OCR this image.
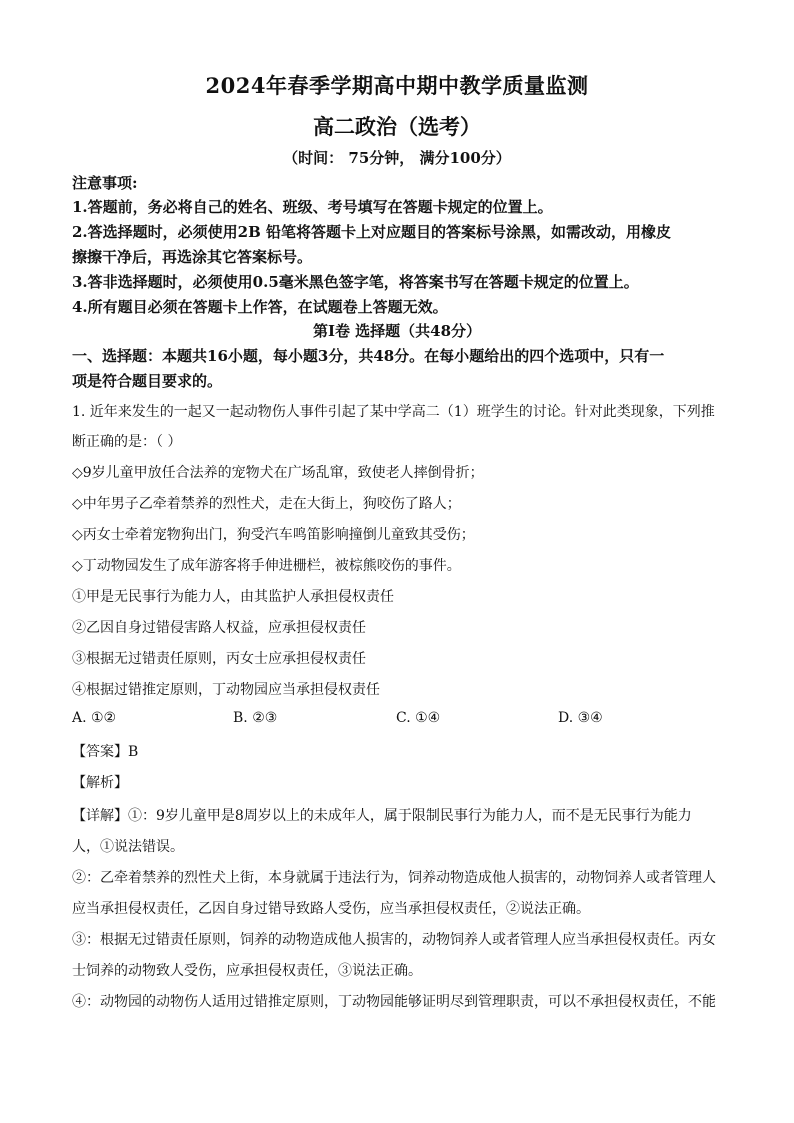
2024年春季学期高中期中教学质量监测
高二政治（选考）
（时间： 75分钟， 满分100分）
注意事项:
1.答题前，务必将自己的姓名、班级、考号填写在答题卡规定的位置上。
2.答选择题时，必须使用2B 铅笔将答题卡上对应题目的答案标号涂黑，如需改动，用橡皮
擦擦干净后，再选涂其它答案标号。
3.答非选择题时，必须使用0.5毫米黑色签字笔，将答案书写在答题卡规定的位置上。
4.所有题目必须在答题卡上作答，在试题卷上答题无效。
第Ⅰ卷 选择题（共48分）
一、选择题：本题共16小题，每小题3分，共48分。在每小题给出的四个选项中，只有一
项是符合题目要求的。
1. 近年来发生的一起又一起动物伤人事件引起了某中学高二（1）班学生的讨论。针对此类现象，下列推
断正确的是：（ ）
◇9岁儿童甲放任合法养的宠物犬在广场乱窜，致使老人摔倒骨折；
◇中年男子乙牵着禁养的烈性犬，走在大街上，狗咬伤了路人；
◇丙女士牵着宠物狗出门，狗受汽车鸣笛影响撞倒儿童致其受伤；
◇丁动物园发生了成年游客将手伸进栅栏，被棕熊咬伤的事件。
①甲是无民事行为能力人，由其监护人承担侵权责任
②乙因自身过错侵害路人权益，应承担侵权责任
③根据无过错责任原则，丙女士应承担侵权责任
④根据过错推定原则，丁动物园应当承担侵权责任
A. ①②	B. ②③	C. ①④	D. ③④
【答案】B
【解析】
【详解】①：9岁儿童甲是8周岁以上的未成年人，属于限制民事行为能力人，而不是无民事行为能力
人，①说法错误。
②：乙牵着禁养的烈性犬上街，本身就属于违法行为，饲养动物造成他人损害的，动物饲养人或者管理人
应当承担侵权责任，乙因自身过错导致路人受伤，应当承担侵权责任，②说法正确。
③：根据无过错责任原则，饲养的动物造成他人损害的，动物饲养人或者管理人应当承担侵权责任。丙女
士饲养的动物致人受伤，应承担侵权责任，③说法正确。
④：动物园的动物伤人适用过错推定原则，丁动物园能够证明尽到管理职责，可以不承担侵权责任，不能
